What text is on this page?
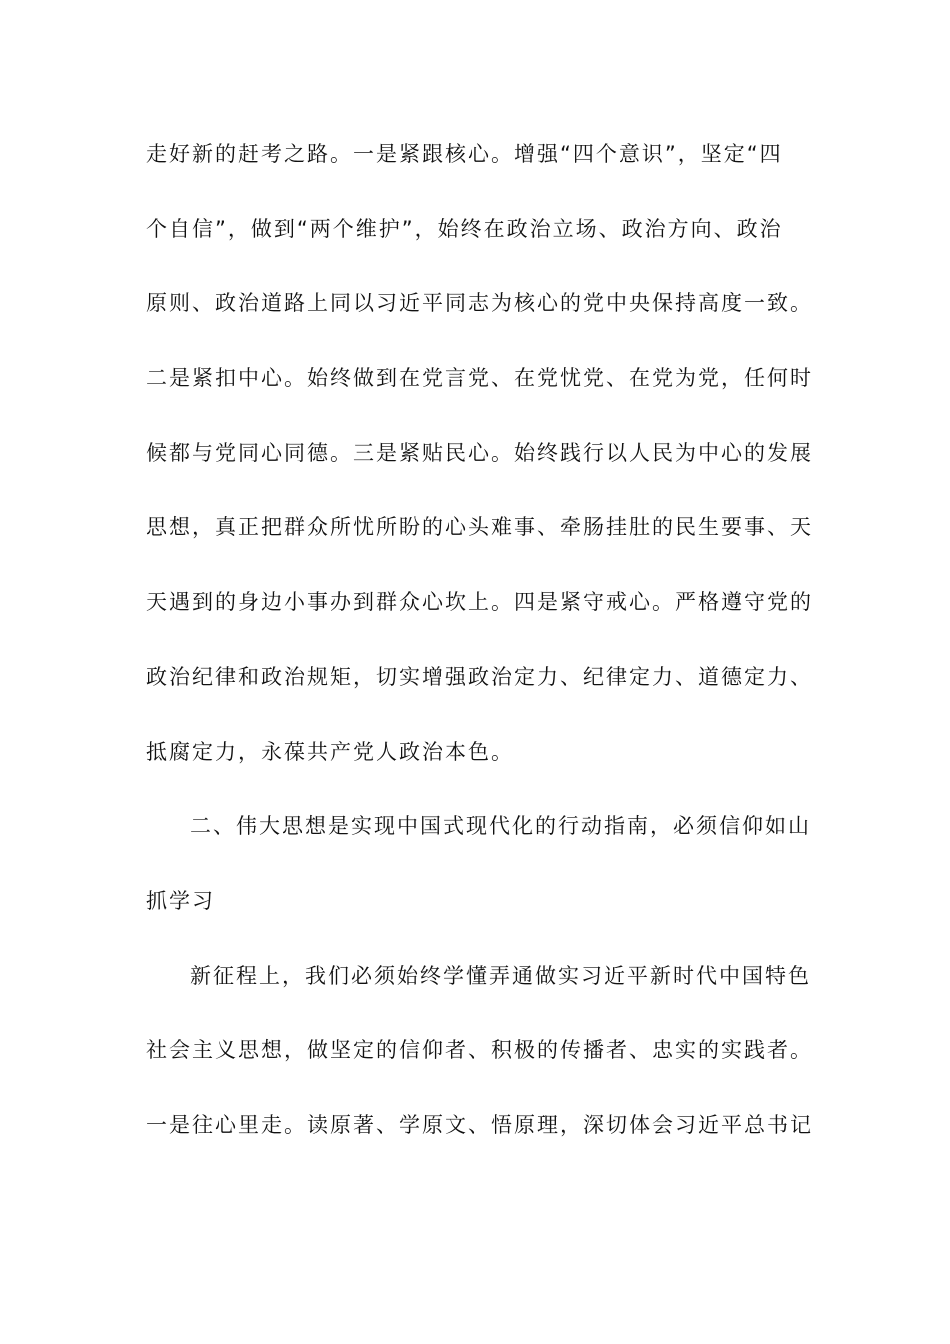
走好新的赶考之路。一是紧跟核心。增强“四个意识”，坚定“四
个自信”，做到“两个维护”，始终在政治立场、政治方向、政治
原则、政治道路上同以习近平同志为核心的党中央保持高度一致。
二是紧扣中心。始终做到在党言党、在党忧党、在党为党，任何时
候都与党同心同德。三是紧贴民心。始终践行以人民为中心的发展
思想，真正把群众所忧所盼的心头难事、牵肠挂肚的民生要事、天
天遇到的身边小事办到群众心坎上。四是紧守戒心。严格遵守党的
政治纪律和政治规矩，切实增强政治定力、纪律定力、道德定力、
抵腐定力，永葆共产党人政治本色。
二、伟大思想是实现中国式现代化的行动指南，必须信仰如山
抓学习
新征程上，我们必须始终学懂弄通做实习近平新时代中国特色
社会主义思想，做坚定的信仰者、积极的传播者、忠实的实践者。
一是往心里走。读原著、学原文、悟原理，深切体会习近平总书记
